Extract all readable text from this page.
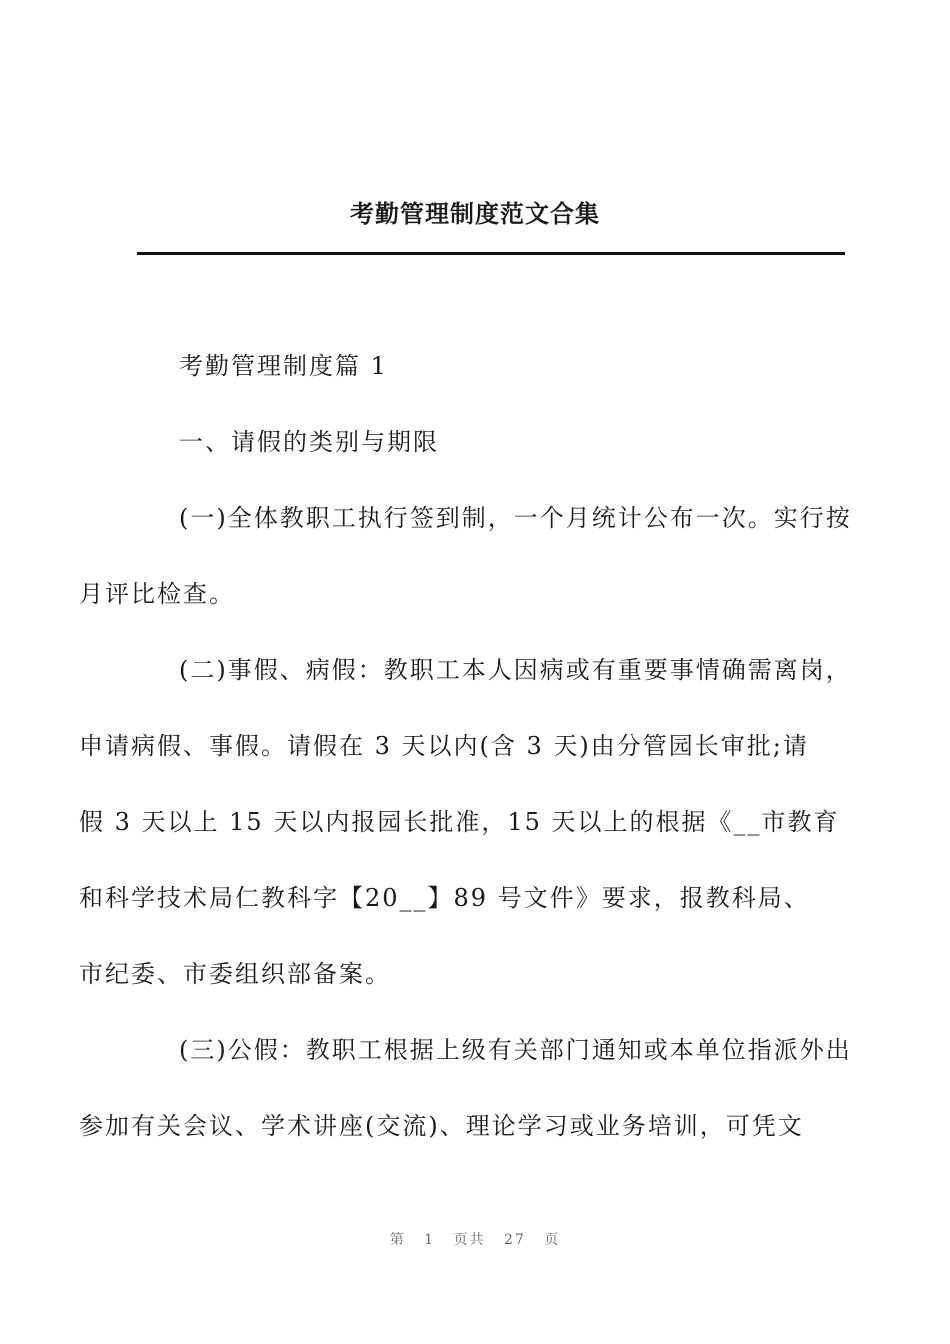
考勤管理制度范文合集

考勤管理制度篇 1

一、请假的类别与期限

(一)全体教职工执行签到制，一个月统计公布一次。实行按
月评比检查。

(二)事假、病假：教职工本人因病或有重要事情确需离岗，
申请病假、事假。请假在 3 天以内(含 3 天)由分管园长审批;请
假 3 天以上 15 天以内报园长批准，15 天以上的根据《__市教育
和科学技术局仁教科字【20__】89 号文件》要求，报教科局、
市纪委、市委组织部备案。

(三)公假：教职工根据上级有关部门通知或本单位指派外出
参加有关会议、学术讲座(交流)、理论学习或业务培训，可凭文

第 1 页共 27 页
